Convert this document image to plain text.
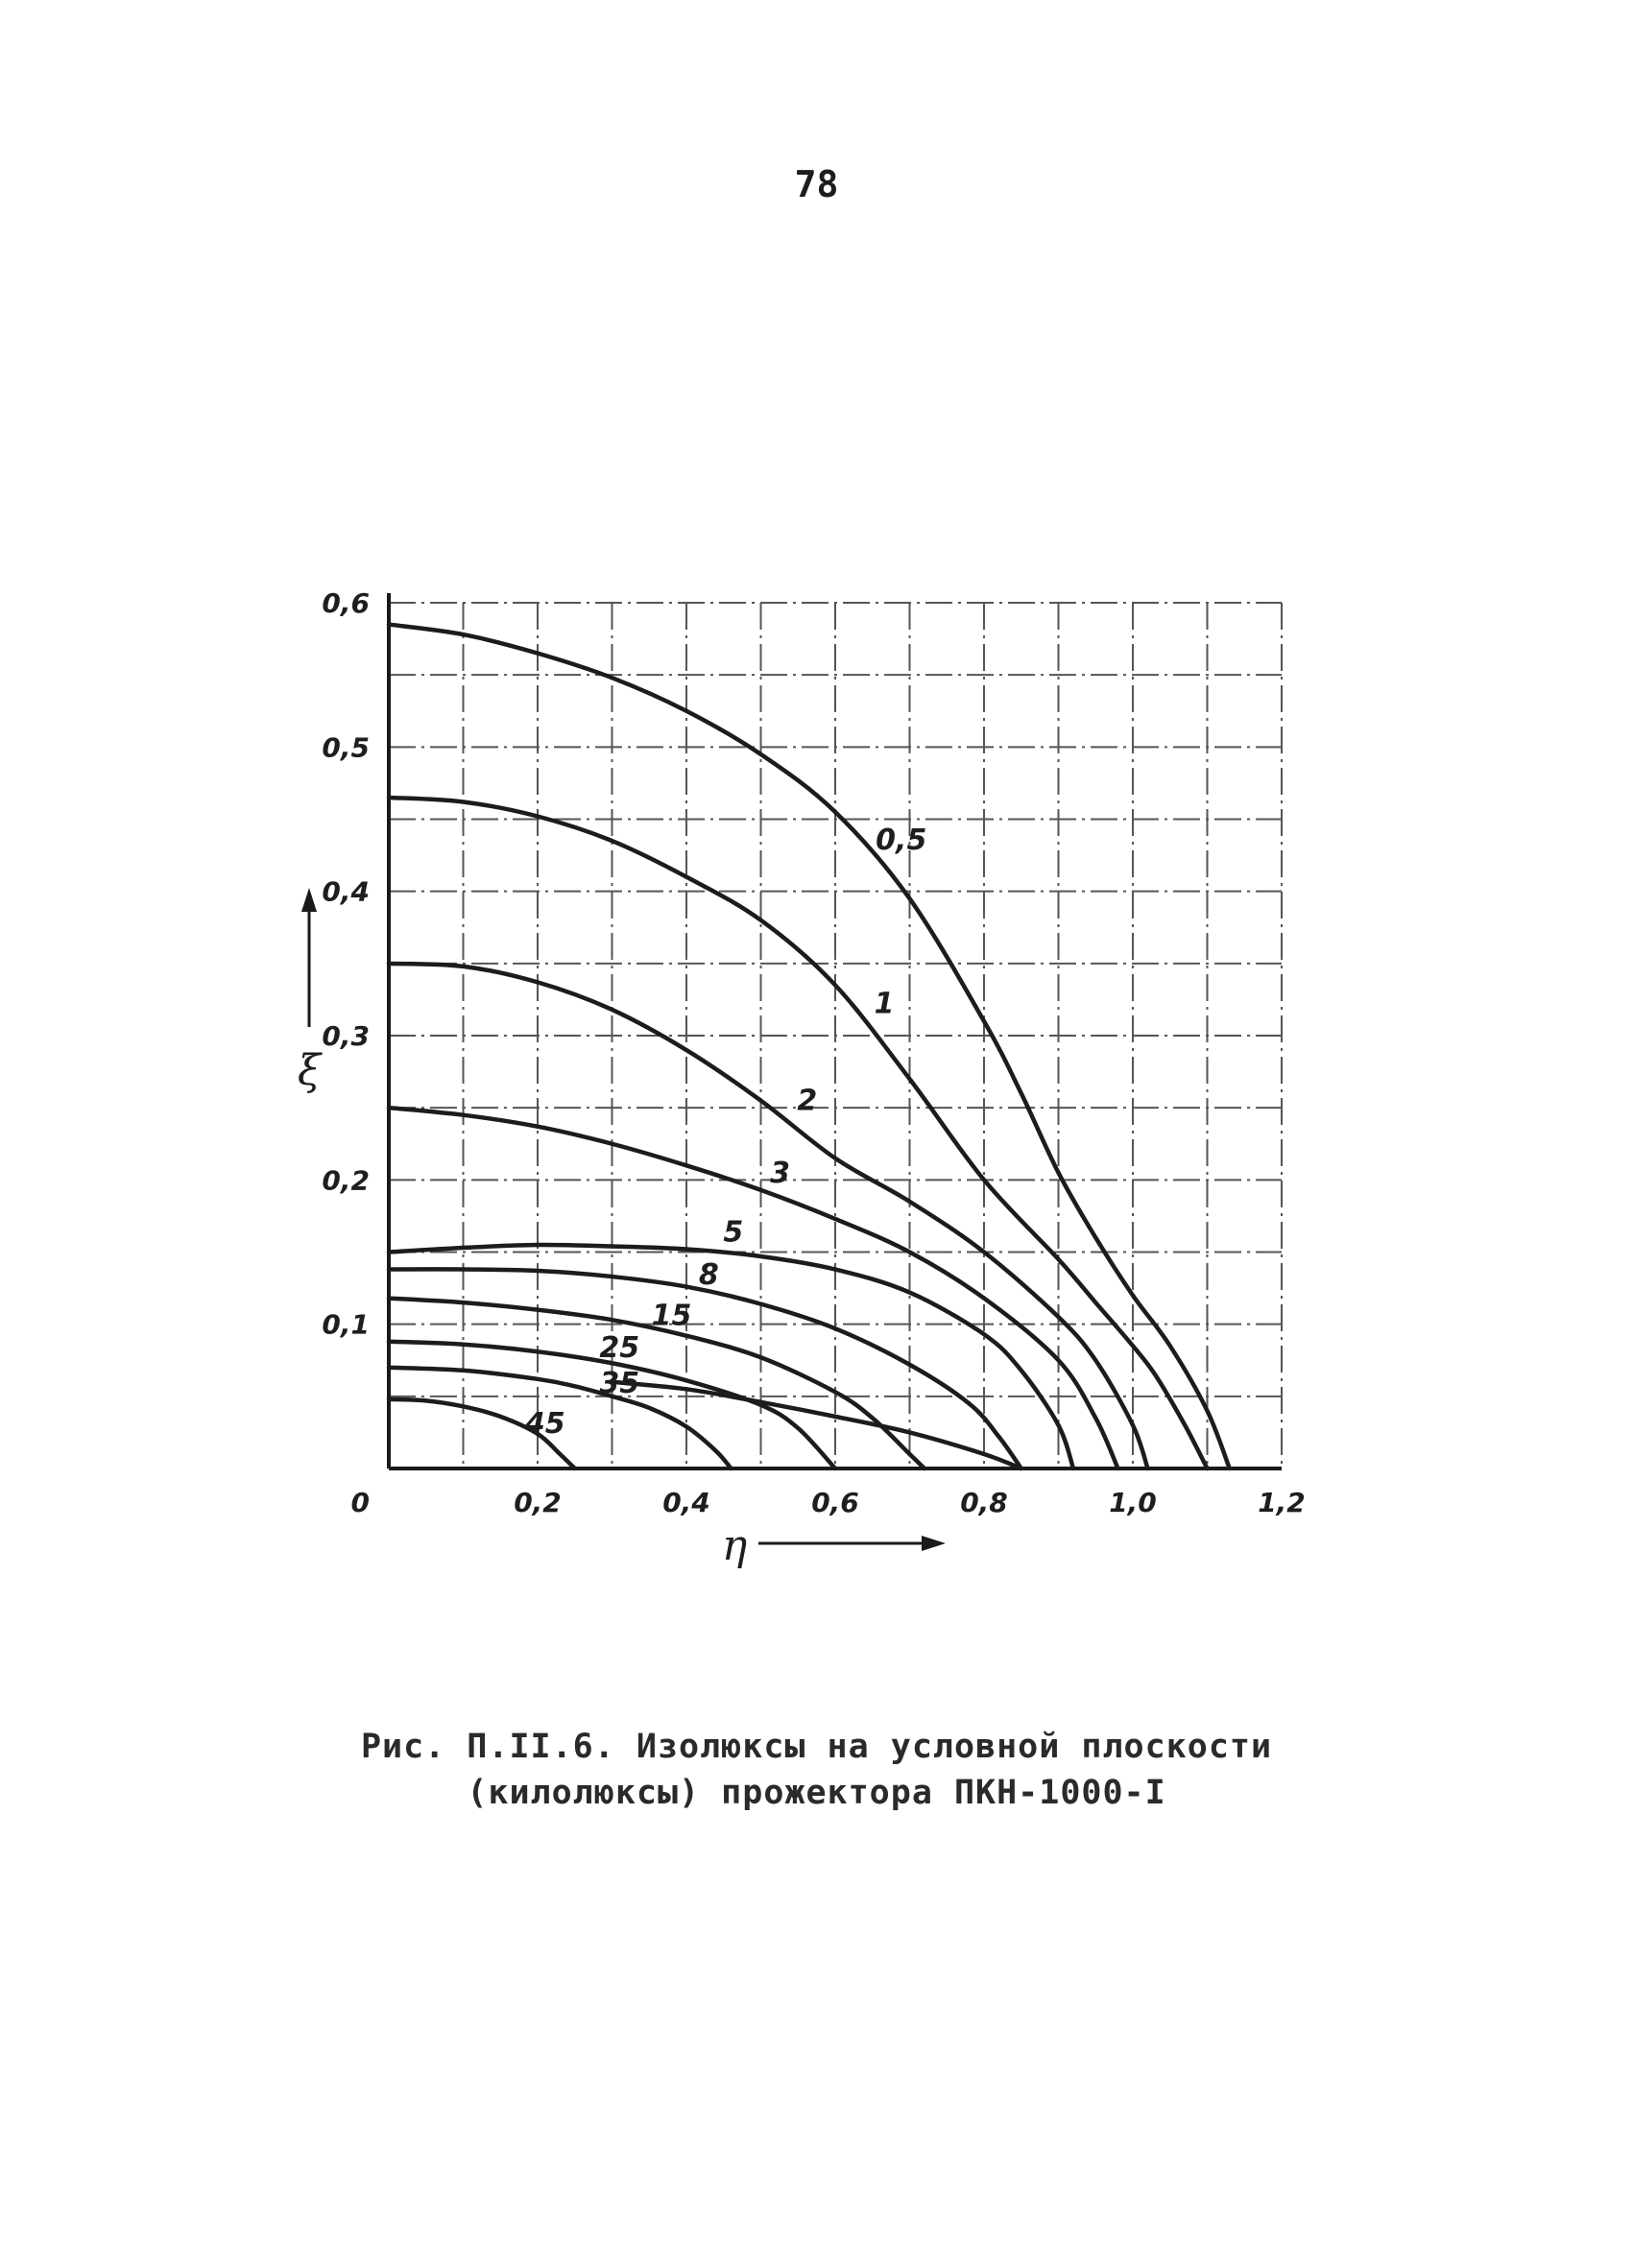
78
0,2	0,4	0,6	0,8	1,0	1,2
0,1
0,2
0,3
0,4
0,5
0,6
0
η
ξ
0,5
1
2
3
5
8
15
25
35
45
Рис. П.II.6. Изолюксы на условной плоскости
(килолюксы) прожектора ПКН-1000-I
